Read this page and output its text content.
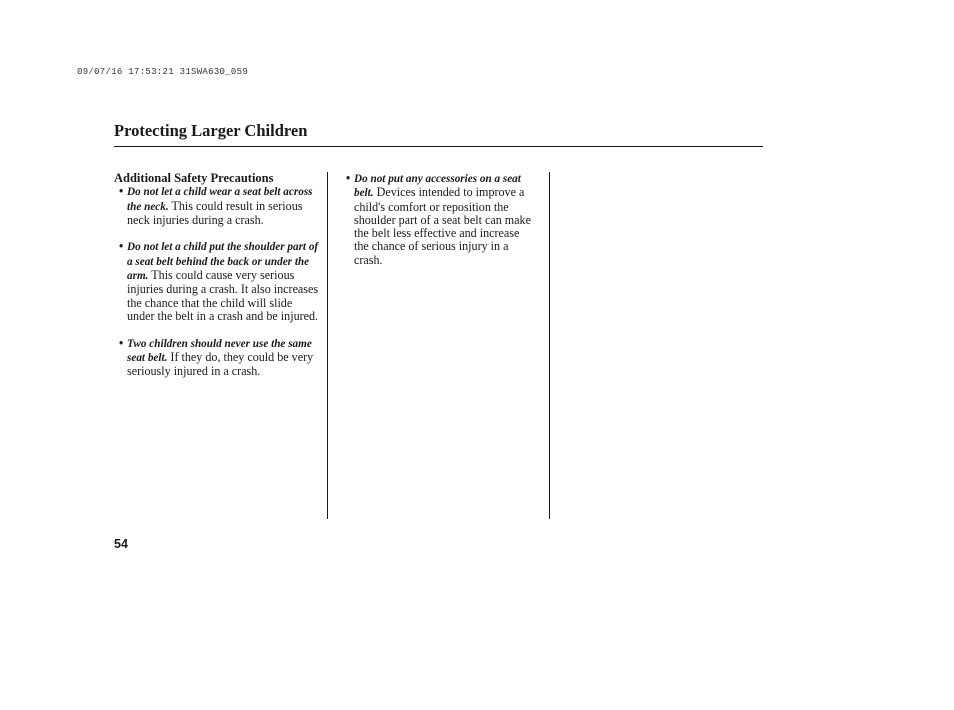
09/07/16 17:53:21 31SWA630_059
Protecting Larger Children

Additional Safety Precautions

• Do not let a child wear a seat belt across the neck. This could result in serious neck injuries during a crash.

• Do not let a child put the shoulder part of a seat belt behind the back or under the arm. This could cause very serious injuries during a crash. It also increases the chance that the child will slide under the belt in a crash and be injured.

• Two children should never use the same seat belt. If they do, they could be very seriously injured in a crash.

• Do not put any accessories on a seat belt. Devices intended to improve a child's comfort or reposition the shoulder part of a seat belt can make the belt less effective and increase the chance of serious injury in a crash.

54
